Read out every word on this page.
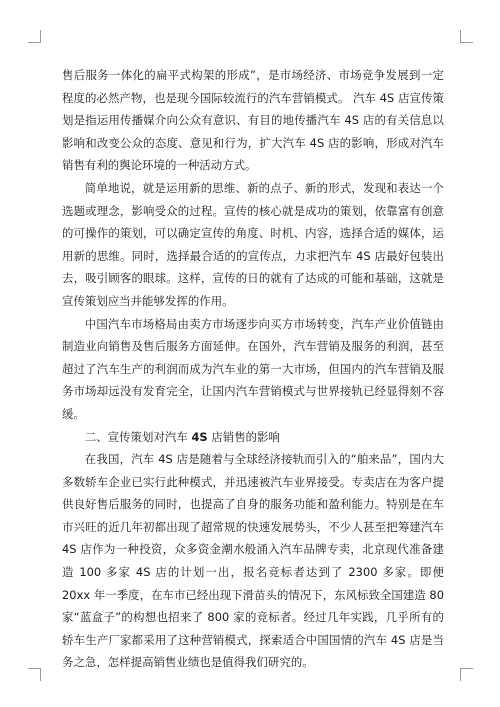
售后服务一体化的扁平式构架的形成”，是市场经济、市场竞争发展到一定程度的必然产物，也是现今国际较流行的汽车营销模式。 汽车 4S 店宣传策划是指运用传播媒介向公众有意识、有目的地传播汽车 4S 店的有关信息以影响和改变公众的态度、意见和行为，扩大汽车 4S 店的影响，形成对汽车销售有利的舆论环境的一种活动方式。

简单地说，就是运用新的思维、新的点子、新的形式，发现和表达一个选题或理念，影响受众的过程。宣传的核心就是成功的策划，依靠富有创意的可操作的策划，可以确定宣传的角度、时机、内容，选择合适的媒体，运用新的思维。同时，选择最合适的的宣传点，力求把汽车 4S 店最好包装出去，吸引顾客的眼球。这样，宣传的日的就有了达成的可能和基础，这就是宣传策划应当并能够发挥的作用。

中国汽车市场格局由卖方市场逐步向买方市场转变，汽车产业价值链由制造业向销售及售后服务方面延伸。在国外，汽车营销及服务的利润，甚至超过了汽车生产的利润而成为汽车业的第一大市场，但国内的汽车营销及服务市场却远没有发育完全，让国内汽车营销模式与世界接轨已经显得刻不容缓。

二、宣传策划对汽车 4S 店销售的影响

在我国，汽车 4S 店是随着与全球经济接轨而引入的“舶来品”，国内大多数轿车企业已实行此种模式，并迅速被汽车业界接受。专卖店在为客户提供良好售后服务的同时，也提高了自身的服务功能和盈利能力。特别是在车市兴旺的近几年初都出现了超常规的快速发展势头，不少人甚至把筹建汽车 4S 店作为一种投资，众多资金潮水般涌入汽车品牌专卖，北京现代准备建造 100 多家 4S 店的计划一出，报名竞标者达到了 2300 多家。即便 20xx 年一季度，在车市已经出现下滑苗头的情况下，东风标致全国建造 80 家“蓝盒子”的构想也招来了 800 家的竞标者。经过几年实践，几乎所有的轿车生产厂家都采用了这种营销模式，探索适合中国国情的汽车 4S 店是当务之急，怎样提高销售业绩也是值得我们研究的。
